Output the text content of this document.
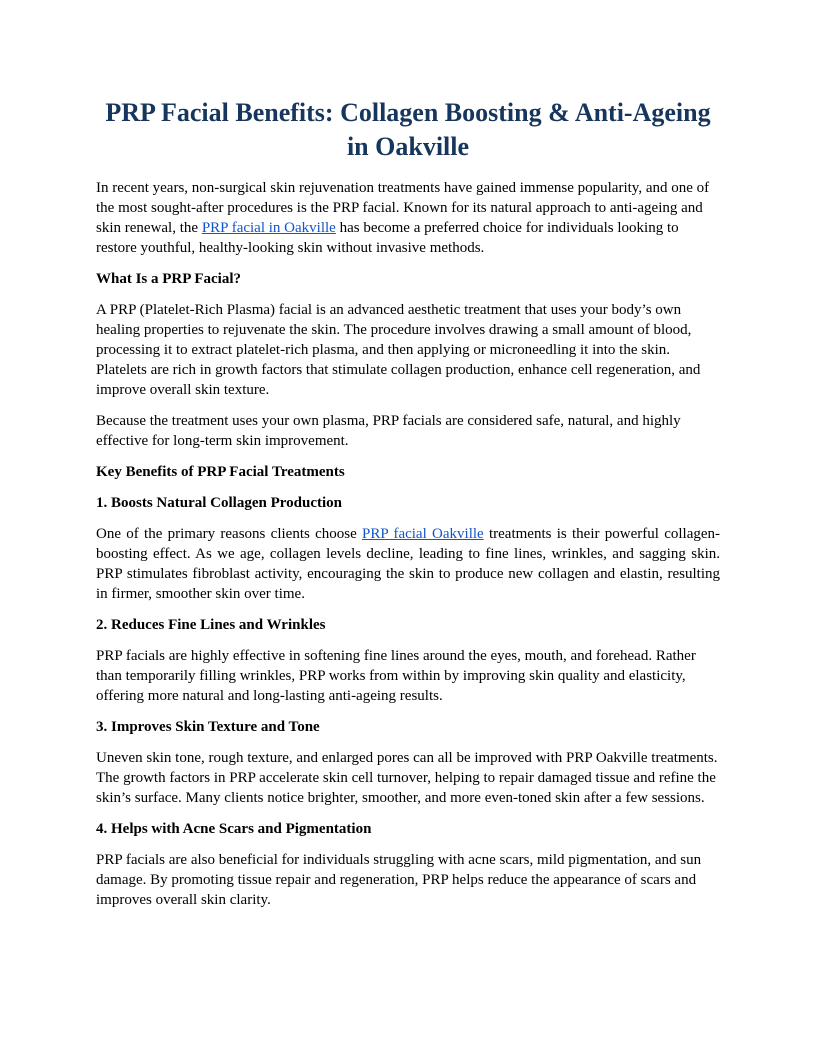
PRP Facial Benefits: Collagen Boosting & Anti-Ageing in Oakville

In recent years, non-surgical skin rejuvenation treatments have gained immense popularity, and one of the most sought-after procedures is the PRP facial. Known for its natural approach to anti-ageing and skin renewal, the PRP facial in Oakville has become a preferred choice for individuals looking to restore youthful, healthy-looking skin without invasive methods.

What Is a PRP Facial?

A PRP (Platelet-Rich Plasma) facial is an advanced aesthetic treatment that uses your body’s own healing properties to rejuvenate the skin. The procedure involves drawing a small amount of blood, processing it to extract platelet-rich plasma, and then applying or microneedling it into the skin. Platelets are rich in growth factors that stimulate collagen production, enhance cell regeneration, and improve overall skin texture.

Because the treatment uses your own plasma, PRP facials are considered safe, natural, and highly effective for long-term skin improvement.

Key Benefits of PRP Facial Treatments
1. Boosts Natural Collagen Production

One of the primary reasons clients choose PRP facial Oakville treatments is their powerful collagen-boosting effect. As we age, collagen levels decline, leading to fine lines, wrinkles, and sagging skin. PRP stimulates fibroblast activity, encouraging the skin to produce new collagen and elastin, resulting in firmer, smoother skin over time.

2. Reduces Fine Lines and Wrinkles

PRP facials are highly effective in softening fine lines around the eyes, mouth, and forehead. Rather than temporarily filling wrinkles, PRP works from within by improving skin quality and elasticity, offering more natural and long-lasting anti-ageing results.

3. Improves Skin Texture and Tone

Uneven skin tone, rough texture, and enlarged pores can all be improved with PRP Oakville treatments. The growth factors in PRP accelerate skin cell turnover, helping to repair damaged tissue and refine the skin’s surface. Many clients notice brighter, smoother, and more even-toned skin after a few sessions.

4. Helps with Acne Scars and Pigmentation

PRP facials are also beneficial for individuals struggling with acne scars, mild pigmentation, and sun damage. By promoting tissue repair and regeneration, PRP helps reduce the appearance of scars and improves overall skin clarity.
